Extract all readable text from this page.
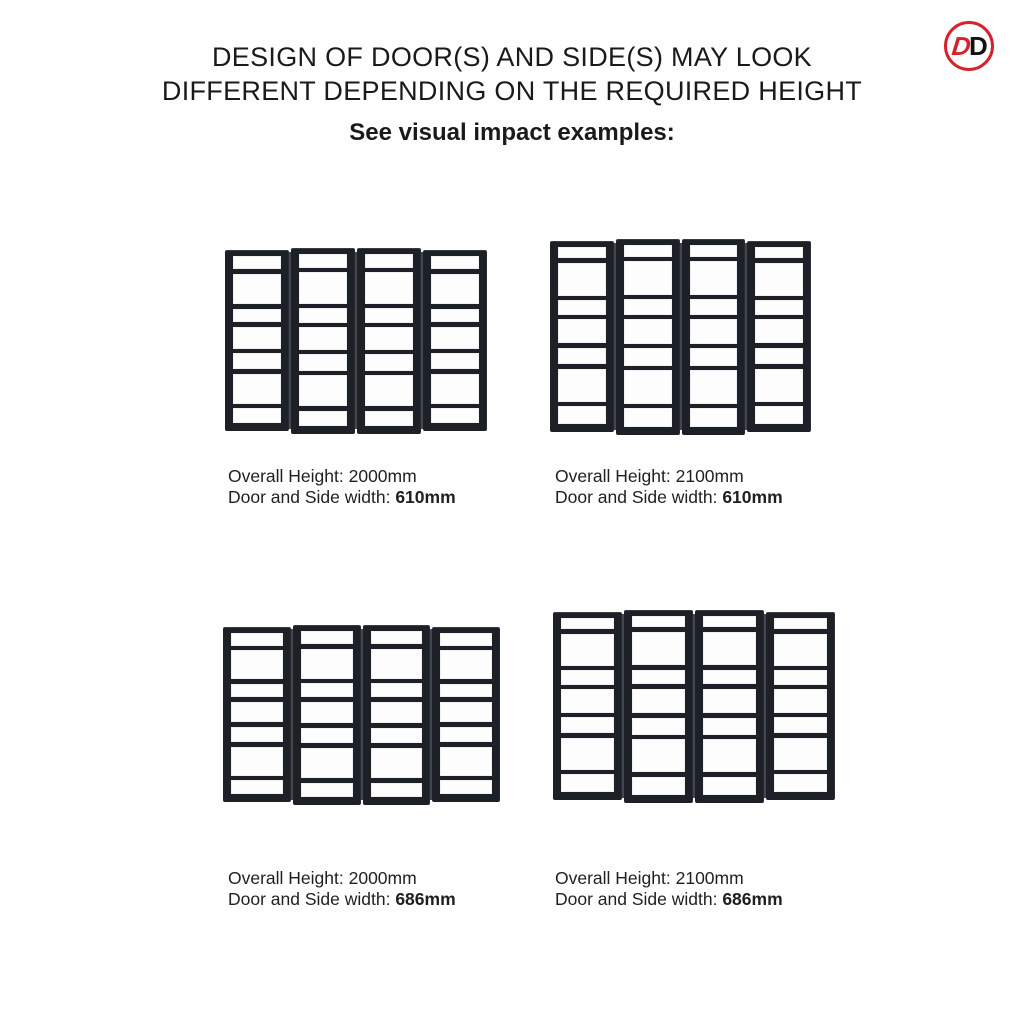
DESIGN OF DOOR(S) AND SIDE(S) MAY LOOK
DIFFERENT DEPENDING ON THE REQUIRED HEIGHT
See visual impact examples:
D
D
Overall Height: 2000mm
Door and Side width: 610mm
Overall Height: 2100mm
Door and Side width: 610mm
Overall Height: 2000mm
Door and Side width: 686mm
Overall Height: 2100mm
Door and Side width: 686mm
